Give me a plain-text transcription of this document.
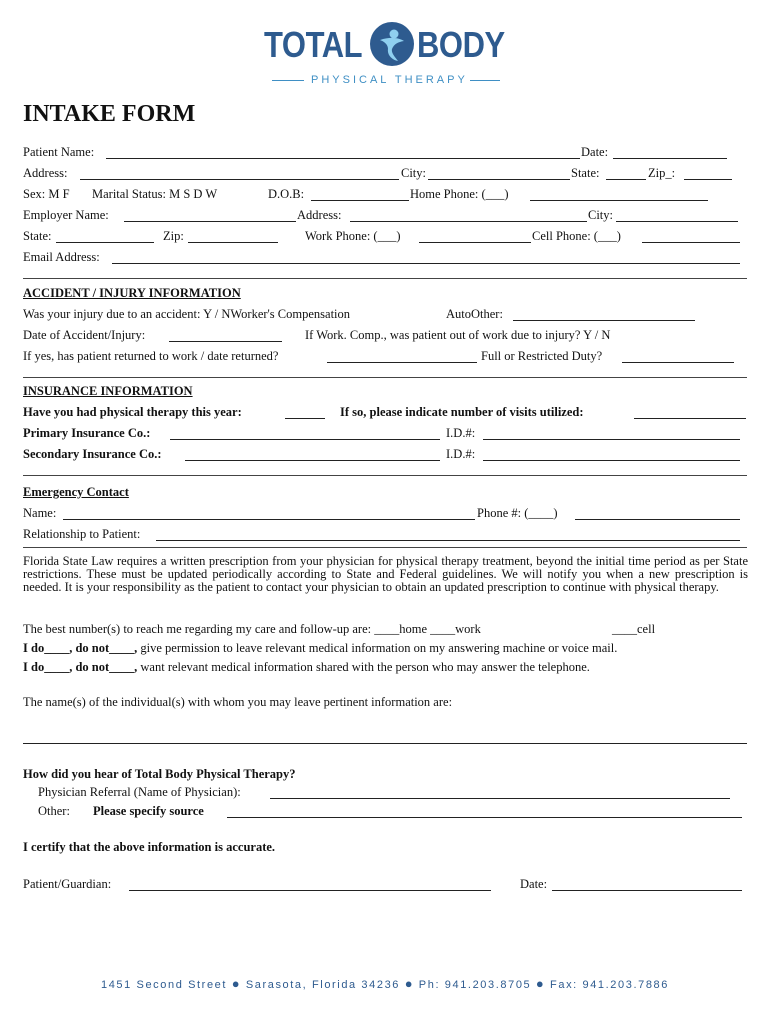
TOTAL BODY
PHYSICAL THERAPY
INTAKE FORM
Patient Name:	Date:
Address:	City:	State:	Zip_:
Sex: M F Marital Status: M S D W	D.O.B:	Home Phone: (___)
Employer Name:	Address:	City:
State:	Zip:	Work Phone: (___)	Cell Phone: (___)
Email Address:
ACCIDENT / INJURY INFORMATION
Was your injury due to an accident: Y / NWorker's Compensation	AutoOther:
Date of Accident/Injury:	If Work. Comp., was patient out of work due to injury? Y / N
If yes, has patient returned to work / date returned?	Full or Restricted Duty?
INSURANCE INFORMATION
Have you had physical therapy this year:	If so, please indicate number of visits utilized:
Primary Insurance Co.:	I.D.#:
Secondary Insurance Co.:	I.D.#:
Emergency Contact
Name:	Phone #: (____)
Relationship to Patient:
Florida State Law requires a written prescription from your physician for physical therapy treatment, beyond the initial time period as per State restrictions. These must be updated periodically according to State and Federal guidelines. We will notify you when a new prescription is needed. It is your responsibility as the patient to contact your physician to obtain an updated prescription to continue with physical therapy.
The best number(s) to reach me regarding my care and follow-up are: ____home ____work	____cell
I do____, do not____, give permission to leave relevant medical information on my answering machine or voice mail.
I do____, do not____, want relevant medical information shared with the person who may answer the telephone.
The name(s) of the individual(s) with whom you may leave pertinent information are:
How did you hear of Total Body Physical Therapy?
Physician Referral (Name of Physician):
Other: Please specify source
I certify that the above information is accurate.
Patient/Guardian:	Date:
1451 Second Street ● Sarasota, Florida 34236 ● Ph: 941.203.8705 ● Fax: 941.203.7886
